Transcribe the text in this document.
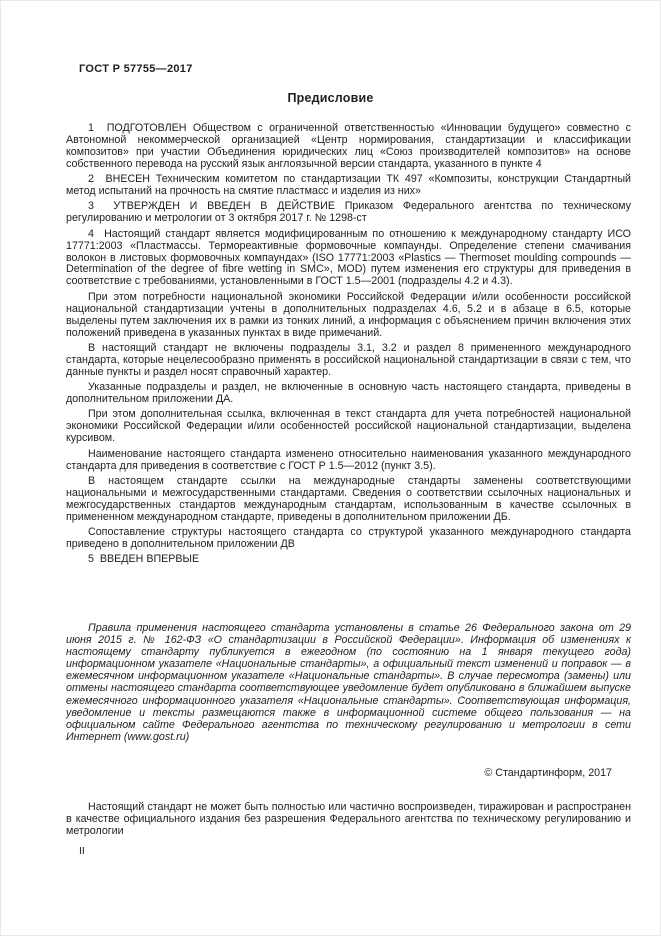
ГОСТ Р 57755—2017
Предисловие

1  ПОДГОТОВЛЕН Обществом с ограниченной ответственностью «Инновации будущего» совместно с Автономной некоммерческой организацией «Центр нормирования, стандартизации и классификации композитов» при участии Объединения юридических лиц «Союз производителей композитов» на основе собственного перевода на русский язык англоязычной версии стандарта, указанного в пункте 4

2  ВНЕСЕН Техническим комитетом по стандартизации ТК 497 «Композиты, конструкции Стандартный метод испытаний на прочность на смятие пластмасс и изделия из них»

3  УТВЕРЖДЕН И ВВЕДЕН В ДЕЙСТВИЕ Приказом Федерального агентства по техническому регулированию и метрологии от 3 октября 2017 г. № 1298-ст

4  Настоящий стандарт является модифицированным по отношению к международному стандарту ИСО 17771:2003 «Пластмассы. Термореактивные формовочные компаунды. Определение степени смачивания волокон в листовых формовочных компаундах» (ISO 17771:2003 «Plastics — Thermoset moulding compounds — Determination of the degree of fibre wetting in SMC», MOD) путем изменения его структуры для приведения в соответствие с требованиями, установленными в ГОСТ 1.5—2001 (подразделы 4.2 и 4.3).

При этом потребности национальной экономики Российской Федерации и/или особенности российской национальной стандартизации учтены в дополнительных подразделах 4.6, 5.2 и в абзаце в 6.5, которые выделены путем заключения их в рамки из тонких линий, а информация с объяснением причин включения этих положений приведена в указанных пунктах в виде примечаний.

В настоящий стандарт не включены подразделы 3.1, 3.2 и раздел 8 примененного международного стандарта, которые нецелесообразно применять в российской национальной стандартизации в связи с тем, что данные пункты и раздел носят справочный характер.

Указанные подразделы и раздел, не включенные в основную часть настоящего стандарта, приведены в дополнительном приложении ДА.

При этом дополнительная ссылка, включенная в текст стандарта для учета потребностей национальной экономики Российской Федерации и/или особенностей российской национальной стандартизации, выделена курсивом.

Наименование настоящего стандарта изменено относительно наименования указанного международного стандарта для приведения в соответствие с ГОСТ Р 1.5—2012 (пункт 3.5).

В настоящем стандарте ссылки на международные стандарты заменены соответствующими национальными и межгосударственными стандартами. Сведения о соответствии ссылочных национальных и межгосударственных стандартов международным стандартам, использованным в качестве ссылочных в примененном международном стандарте, приведены в дополнительном приложении ДБ.

Сопоставление структуры настоящего стандарта со структурой указанного международного стандарта приведено в дополнительном приложении ДВ

5  ВВЕДЕН ВПЕРВЫЕ

Правила применения настоящего стандарта установлены в статье 26 Федерального закона от 29 июня 2015 г. № 162-ФЗ «О стандартизации в Российской Федерации». Информация об изменениях к настоящему стандарту публикуется в ежегодном (по состоянию на 1 января текущего года) информационном указателе «Национальные стандарты», а официальный текст изменений и поправок — в ежемесячном информационном указателе «Национальные стандарты». В случае пересмотра (замены) или отмены настоящего стандарта соответствующее уведомление будет опубликовано в ближайшем выпуске ежемесячного информационного указателя «Национальные стандарты». Соответствующая информация, уведомление и тексты размещаются также в информационной системе общего пользования — на официальном сайте Федерального агентства по техническому регулированию и метрологии в сети Интернет (www.gost.ru)
© Стандартинформ, 2017
Настоящий стандарт не может быть полностью или частично воспроизведен, тиражирован и распространен в качестве официального издания без разрешения Федерального агентства по техническому регулированию и метрологии
II
